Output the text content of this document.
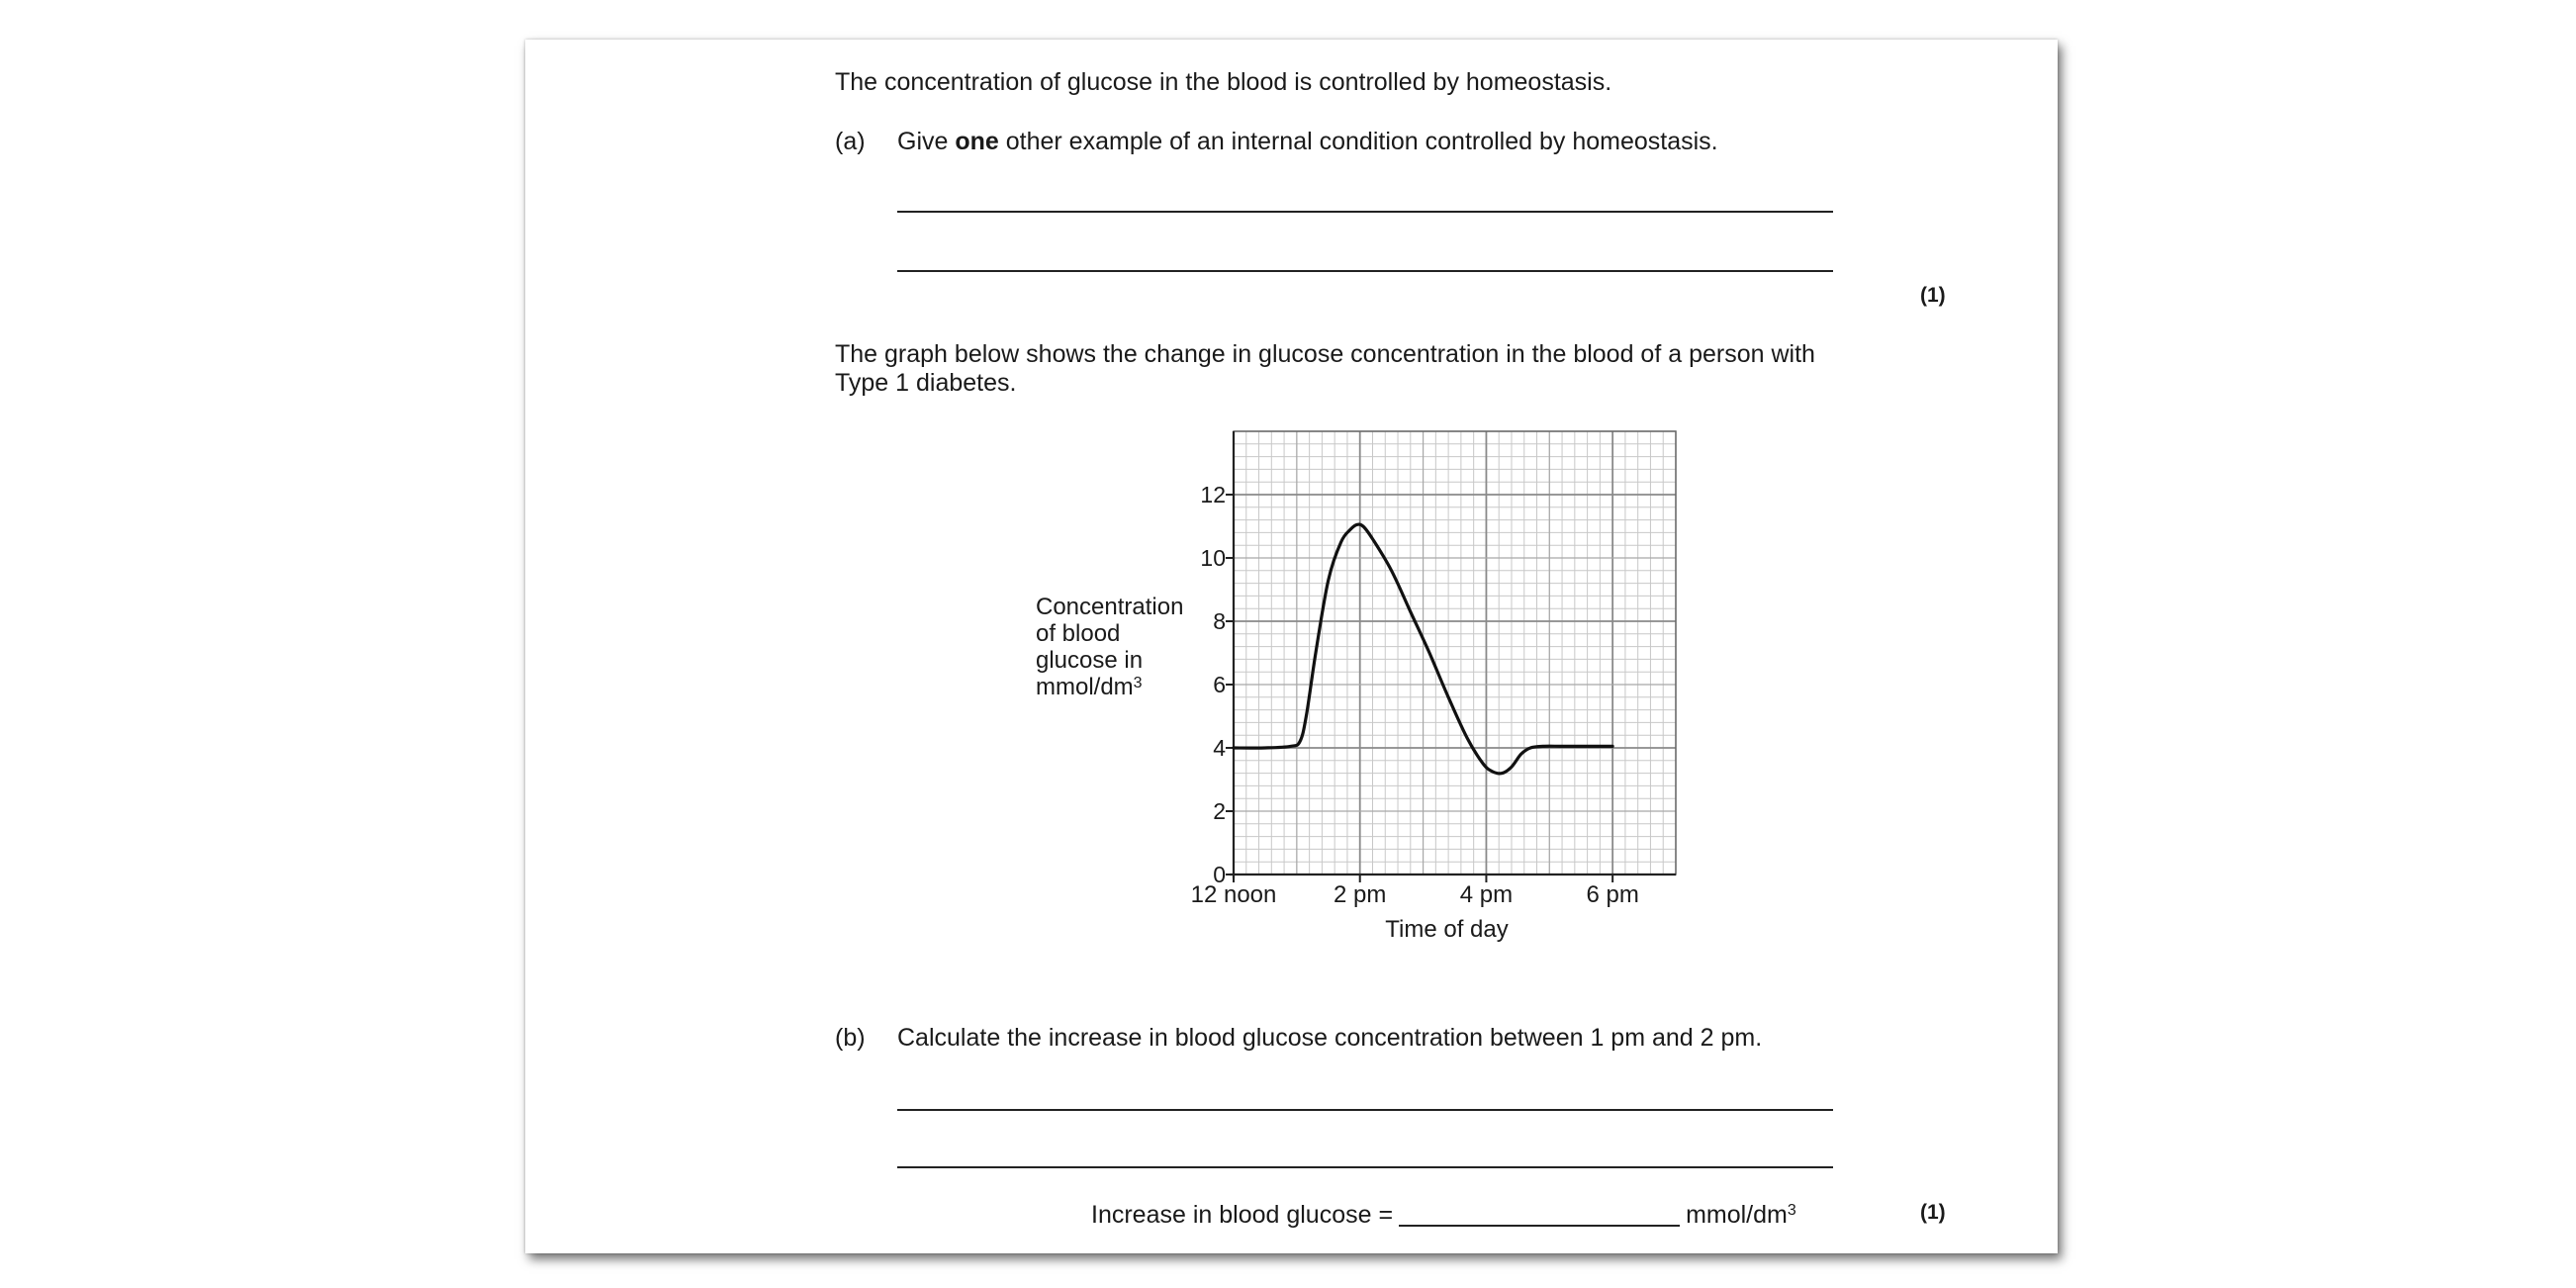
The concentration of glucose in the blood is controlled by homeostasis.
(a) Give one other example of an internal condition controlled by homeostasis.
(1)
The graph below shows the change in glucose concentration in the blood of a person with
Type 1 diabetes.
0
2
4
6
8
10
12
12 noon 2 pm	4 pm	6 pm
Time of day
Concentration
of blood
glucose in
mmol/$dm^3$
(b) Calculate the increase in blood glucose concentration between 1 pm and 2 pm.
Increase in blood glucose =	mmol/$dm^3$	(1)
